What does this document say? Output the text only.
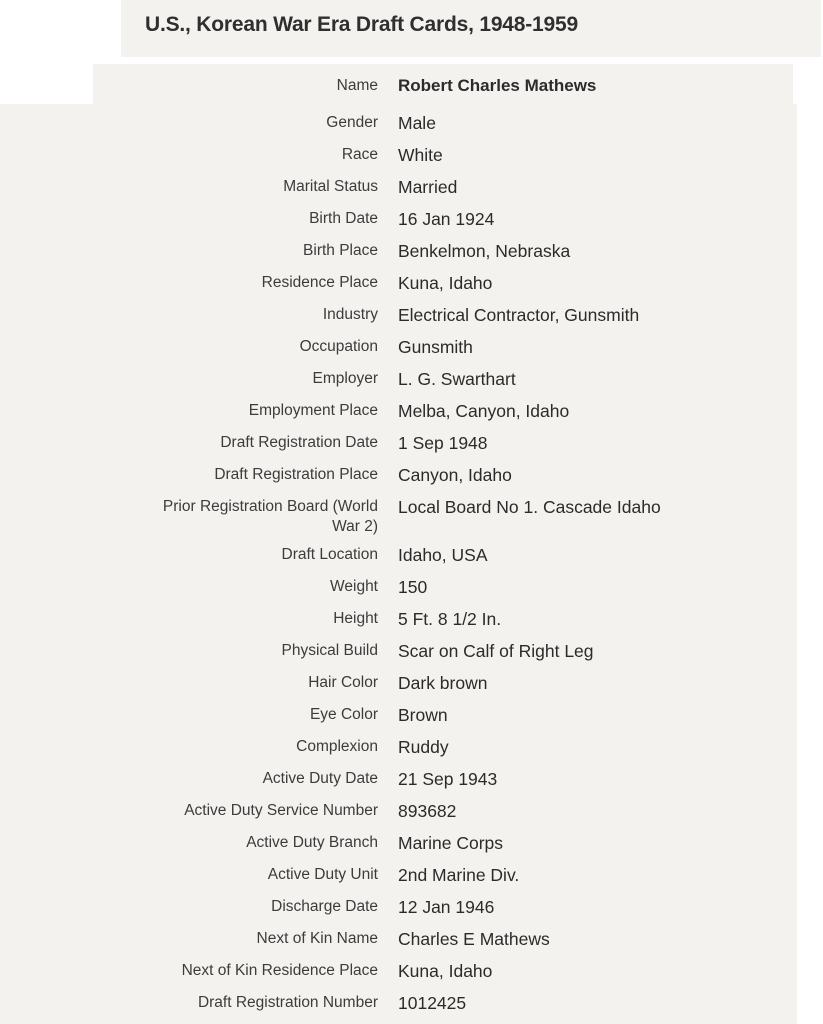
U.S., Korean War Era Draft Cards, 1948-1959
Name Robert Charles Mathews
Gender Male
Race White
Marital Status Married
Birth Date 16 Jan 1924
Birth Place Benkelmon, Nebraska
Residence Place Kuna, Idaho
Industry Electrical Contractor, Gunsmith
Occupation Gunsmith
Employer L. G. Swarthart
Employment Place Melba, Canyon, Idaho
Draft Registration Date 1 Sep 1948
Draft Registration Place Canyon, Idaho
Prior Registration Board (World War 2)
Local Board No 1. Cascade Idaho
Draft Location Idaho, USA
Weight 150
Height 5 Ft. 8 1/2 In.
Physical Build Scar on Calf of Right Leg
Hair Color Dark brown
Eye Color Brown
Complexion Ruddy
Active Duty Date 21 Sep 1943
Active Duty Service Number 893682
Active Duty Branch Marine Corps
Active Duty Unit 2nd Marine Div.
Discharge Date 12 Jan 1946
Next of Kin Name Charles E Mathews
Next of Kin Residence Place Kuna, Idaho
Draft Registration Number 1012425
